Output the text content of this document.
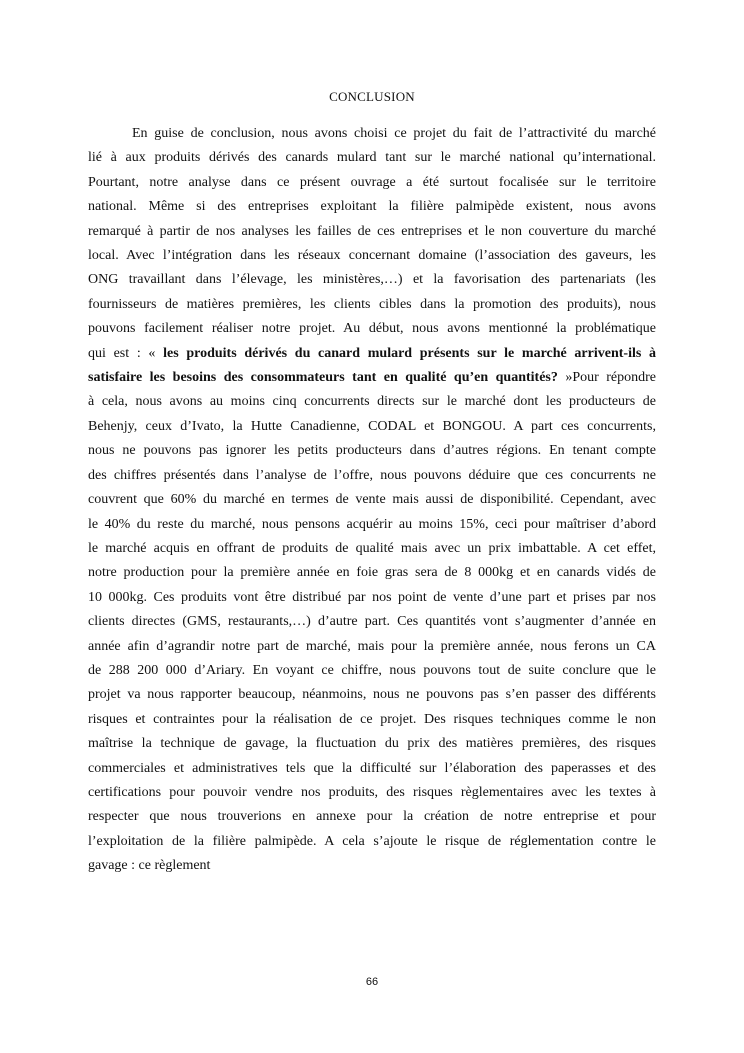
CONCLUSION
En guise de conclusion, nous avons choisi ce projet du fait de l’attractivité du marché
lié à aux produits dérivés des canards mulard tant sur le marché national qu’international.
Pourtant, notre analyse dans ce présent ouvrage a été surtout focalisée sur le territoire
national. Même si des entreprises exploitant la filière palmipède existent, nous avons
remarqué à partir de nos analyses les failles de ces entreprises et le non couverture du marché
local. Avec l’intégration dans les réseaux concernant domaine (l’association des gaveurs, les
ONG travaillant dans l’élevage, les ministères,…) et la favorisation des partenariats (les
fournisseurs de matières premières, les clients cibles dans la promotion des produits), nous
pouvons facilement réaliser notre projet. Au début, nous avons mentionné la problématique
qui est : « les produits dérivés du canard mulard présents sur le marché arrivent-ils à
satisfaire les besoins des consommateurs tant en qualité qu’en quantités? »Pour répondre
à cela, nous avons au moins cinq concurrents directs sur le marché dont les producteurs de
Behenjy, ceux d’Ivato, la Hutte Canadienne, CODAL et BONGOU. A part ces concurrents,
nous ne pouvons pas ignorer les petits producteurs dans d’autres régions. En tenant compte
des chiffres présentés dans l’analyse de l’offre, nous pouvons déduire que ces concurrents ne
couvrent que 60% du marché en termes de vente mais aussi de disponibilité. Cependant, avec
le 40% du reste du marché, nous pensons acquérir au moins 15%, ceci pour maîtriser d’abord
le marché acquis en offrant de produits de qualité mais avec un prix imbattable. A cet effet,
notre production pour la première année en foie gras sera de 8 000kg et en canards vidés de
10 000kg. Ces produits vont être distribué par nos point de vente d’une part et prises par nos
clients directes (GMS, restaurants,…) d’autre part. Ces quantités vont s’augmenter d’année en
année afin d’agrandir notre part de marché, mais pour la première année, nous ferons un CA
de 288 200 000 d’Ariary. En voyant ce chiffre, nous pouvons tout de suite conclure que le
projet va nous rapporter beaucoup, néanmoins, nous ne pouvons pas s’en passer des différents
risques et contraintes pour la réalisation de ce projet. Des risques techniques comme le non
maîtrise la technique de gavage, la fluctuation du prix des matières premières, des risques
commerciales et administratives tels que la difficulté sur l’élaboration des paperasses et des
certifications pour pouvoir vendre nos produits, des risques règlementaires avec les textes à
respecter que nous trouverions en annexe pour la création de notre entreprise et pour
l’exploitation de la filière palmipède. A cela s’ajoute le risque de réglementation contre le
gavage : ce règlement
66
